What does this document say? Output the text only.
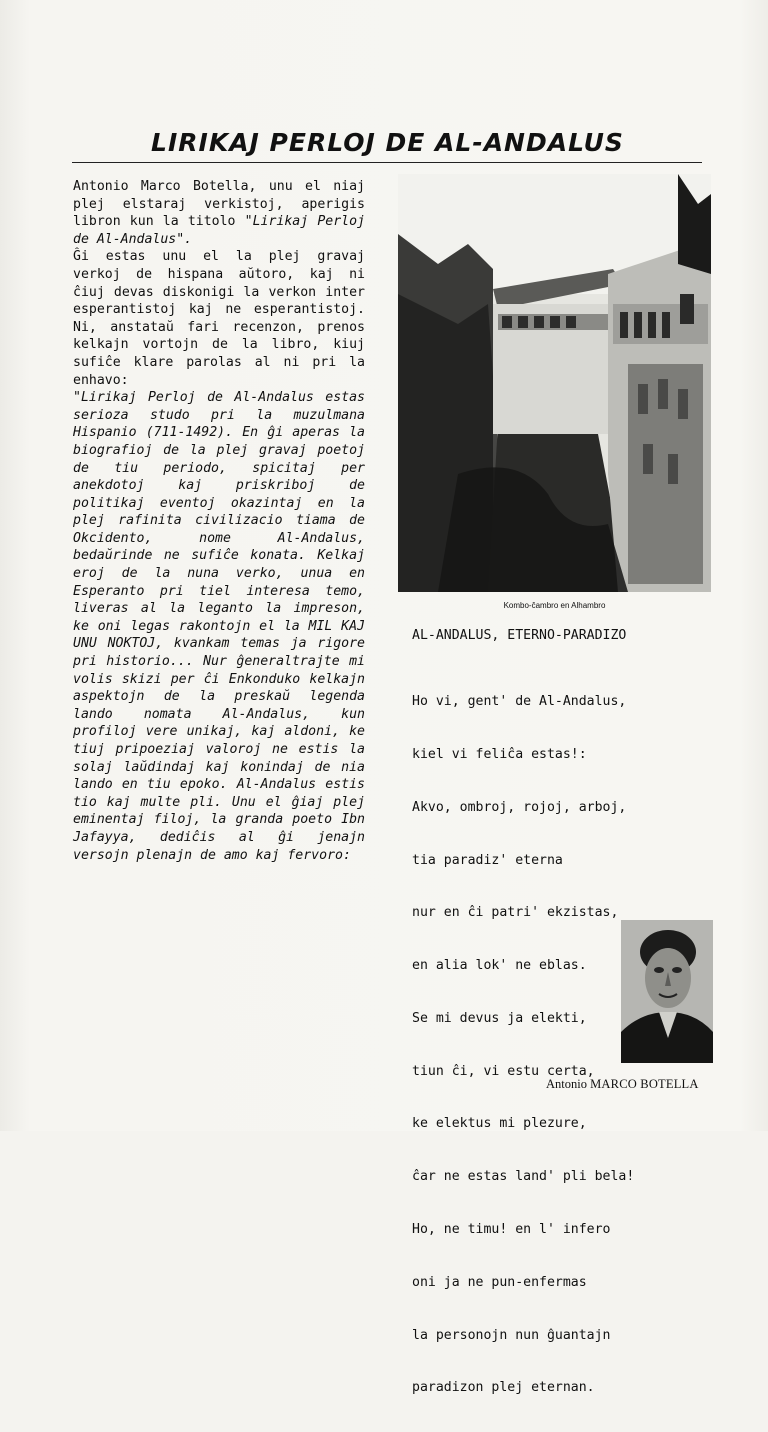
LIRIKAJ PERLOJ DE AL-ANDALUS

Antonio Marco Botella, unu el niaj plej elstaraj verkistoj, aperigis libron kun la titolo "Lirikaj Perloj de Al-Andalus".

Ĝi estas unu el la plej gravaj verkoj de hispana aŭtoro, kaj ni ĉiuj devas diskonigi la verkon inter esperantistoj kaj ne esperantistoj. Ni, anstataŭ fari recenzon, prenos kelkajn vortojn de la libro, kiuj sufiĉe klare parolas al ni pri la enhavo:

"Lirikaj Perloj de Al-Andalus estas serioza studo pri la muzulmana Hispanio (711-1492). En ĝi aperas la biografioj de la plej gravaj poetoj de tiu periodo, spicitaj per anekdotoj kaj priskriboj de politikaj eventoj okazintaj en la plej rafinita civilizacio tiama de Okcidento, nome Al-Andalus, bedaŭrinde ne sufiĉe konata. Kelkaj eroj de la nuna verko, unua en Esperanto pri tiel interesa temo, liveras al la leganto la impreson, ke oni legas rakontojn el la MIL KAJ UNU NOKTOJ, kvankam temas ja rigore pri historio... Nur ĝeneraltrajte mi volis skizi per ĉi Enkonduko kelkajn aspektojn de la preskaŭ legenda lando nomata Al-Andalus, kun profiloj vere unikaj, kaj aldoni, ke tiuj pripoeziaj valoroj ne estis la solaj laŭdindaj kaj konindaj de nia lando en tiu epoko. Al-Andalus estis tio kaj multe pli. Unu el ĝiaj plej eminentaj filoj, la granda poeto Ibn Jafayya, dediĉis al ĝi jenajn versojn plenajn de amo kaj fervoro:

Kombo-ĉambro en Alhambro
AL-ANDALUS, ETERNO-PARADIZO

Ho vi, gent' de Al-Andalus,

kiel vi feliĉa estas!:

Akvo, ombroj, rojoj, arboj,

tia paradiz' eterna

nur en ĉi patri' ekzistas,

en alia lok' ne eblas.

Se mi devus ja elekti,

tiun ĉi, vi estu certa,

ke elektus mi plezure,

ĉar ne estas land' pli bela!

Ho, ne timu! en l' infero

oni ja ne pun-enfermas

la personojn nun ĝuantajn

paradizon plej eternan.

Antonio MARCO BOTELLA
